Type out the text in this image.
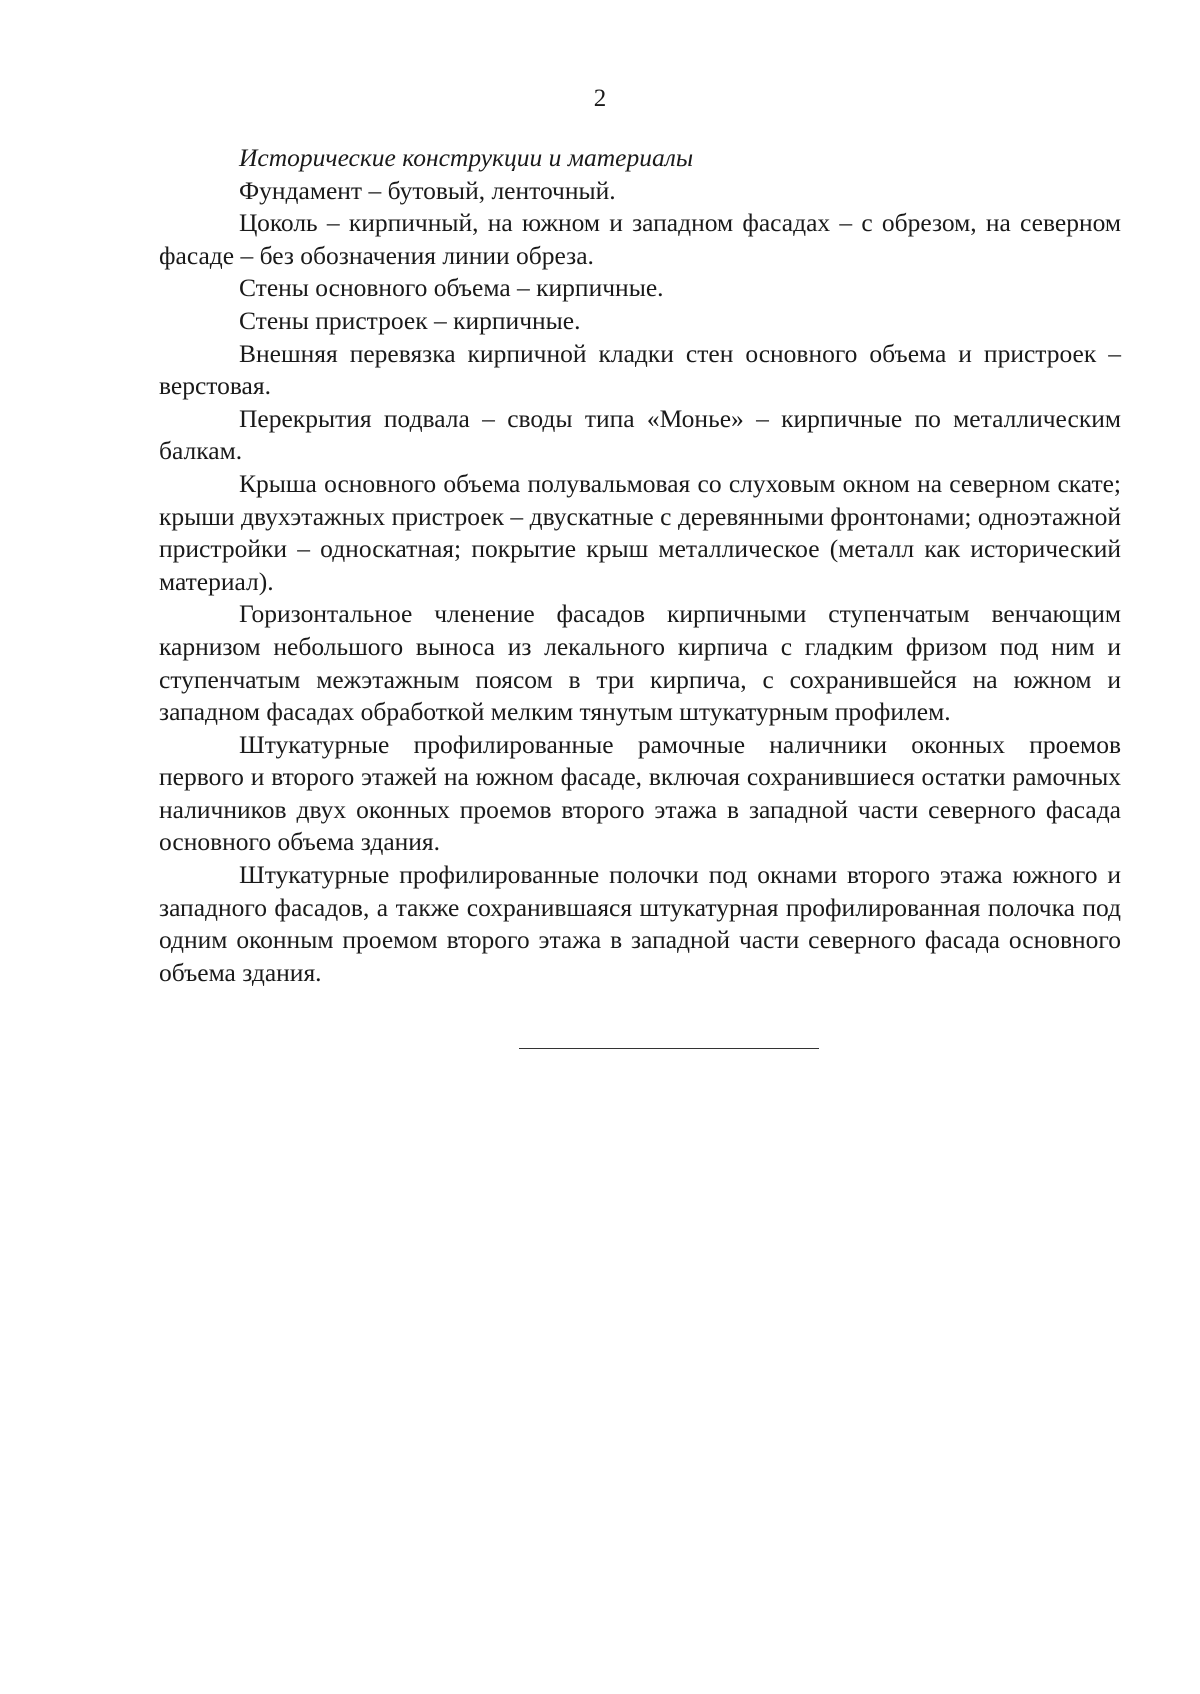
2

Исторические конструкции и материалы

Фундамент – бутовый, ленточный.

Цоколь – кирпичный, на южном и западном фасадах – с обрезом, на северном фасаде – без обозначения линии обреза.

Стены основного объема – кирпичные.

Стены пристроек – кирпичные.

Внешняя перевязка кирпичной кладки стен основного объема и пристроек – верстовая.

Перекрытия подвала – своды типа «Монье» – кирпичные по металлическим балкам.

Крыша основного объема полувальмовая со слуховым окном на северном скате; крыши двухэтажных пристроек – двускатные с деревянными фронтонами; одноэтажной пристройки – односкатная; покрытие крыш металлическое (металл как исторический материал).

Горизонтальное членение фасадов кирпичными ступенчатым венчающим карнизом небольшого выноса из лекального кирпича с гладким фризом под ним и ступенчатым межэтажным поясом в три кирпича, с сохранившейся на южном и западном фасадах обработкой мелким тянутым штукатурным профилем.

Штукатурные профилированные рамочные наличники оконных проемов первого и второго этажей на южном фасаде, включая сохранившиеся остатки рамочных наличников двух оконных проемов второго этажа в западной части северного фасада основного объема здания.

Штукатурные профилированные полочки под окнами второго этажа южного и западного фасадов, а также сохранившаяся штукатурная профилированная полочка под одним оконным проемом второго этажа в западной части северного фасада основного объема здания.
